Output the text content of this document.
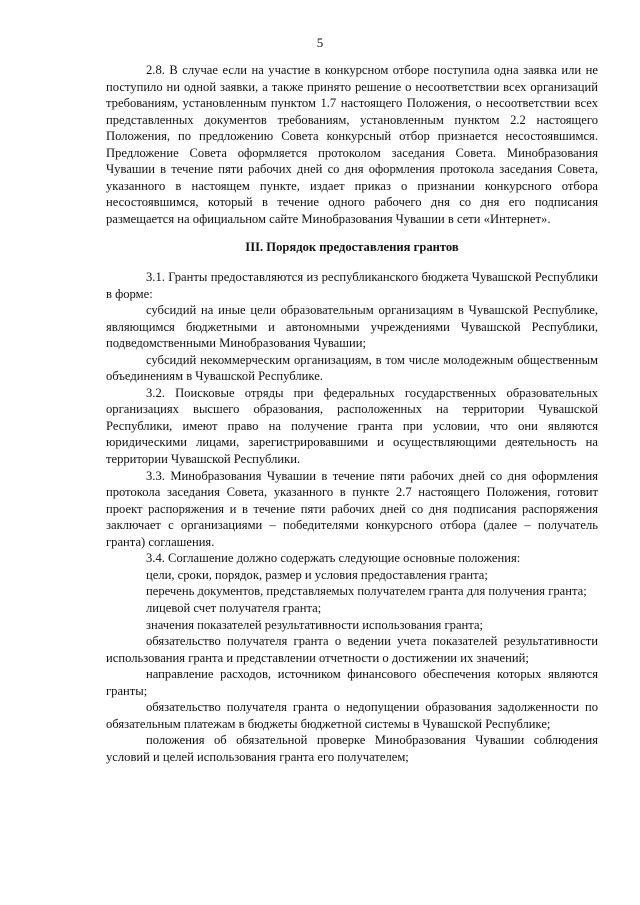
5

2.8. В случае если на участие в конкурсном отборе поступила одна заявка или не поступило ни одной заявки, а также принято решение о несоответствии всех организаций требованиям, установленным пунктом 1.7 настоящего Положения, о несоответствии всех представленных документов требованиям, установленным пунктом 2.2 настоящего Положения, по предложению Совета конкурсный отбор признается несостоявшимся. Предложение Совета оформляется протоколом заседания Совета. Минобразования Чувашии в течение пяти рабочих дней со дня оформления протокола заседания Совета, указанного в настоящем пункте, издает приказ о признании конкурсного отбора несостоявшимся, который в течение одного рабочего дня со дня его подписания размещается на официальном сайте Минобразования Чувашии в сети «Интернет».

III. Порядок предоставления грантов

3.1. Гранты предоставляются из республиканского бюджета Чувашской Республики в форме:

субсидий на иные цели образовательным организациям в Чувашской Республике, являющимся бюджетными и автономными учреждениями Чувашской Республики, подведомственными Минобразования Чувашии;

субсидий некоммерческим организациям, в том числе молодежным общественным объединениям в Чувашской Республике.

3.2. Поисковые отряды при федеральных государственных образовательных организациях высшего образования, расположенных на территории Чувашской Республики, имеют право на получение гранта при условии, что они являются юридическими лицами, зарегистрировавшими и осуществляющими деятельность на территории Чувашской Республики.

3.3. Минобразования Чувашии в течение пяти рабочих дней со дня оформления протокола заседания Совета, указанного в пункте 2.7 настоящего Положения, готовит проект распоряжения и в течение пяти рабочих дней со дня подписания распоряжения заключает с организациями – победителями конкурсного отбора (далее – получатель гранта) соглашения.

3.4. Соглашение должно содержать следующие основные положения:

цели, сроки, порядок, размер и условия предоставления гранта;

перечень документов, представляемых получателем гранта для получения гранта;

лицевой счет получателя гранта;

значения показателей результативности использования гранта;

обязательство получателя гранта о ведении учета показателей результативности использования гранта и представлении отчетности о достижении их значений;

направление расходов, источником финансового обеспечения которых являются гранты;

обязательство получателя гранта о недопущении образования задолженности по обязательным платежам в бюджеты бюджетной системы в Чувашской Республике;

положения об обязательной проверке Минобразования Чувашии соблюдения условий и целей использования гранта его получателем;
